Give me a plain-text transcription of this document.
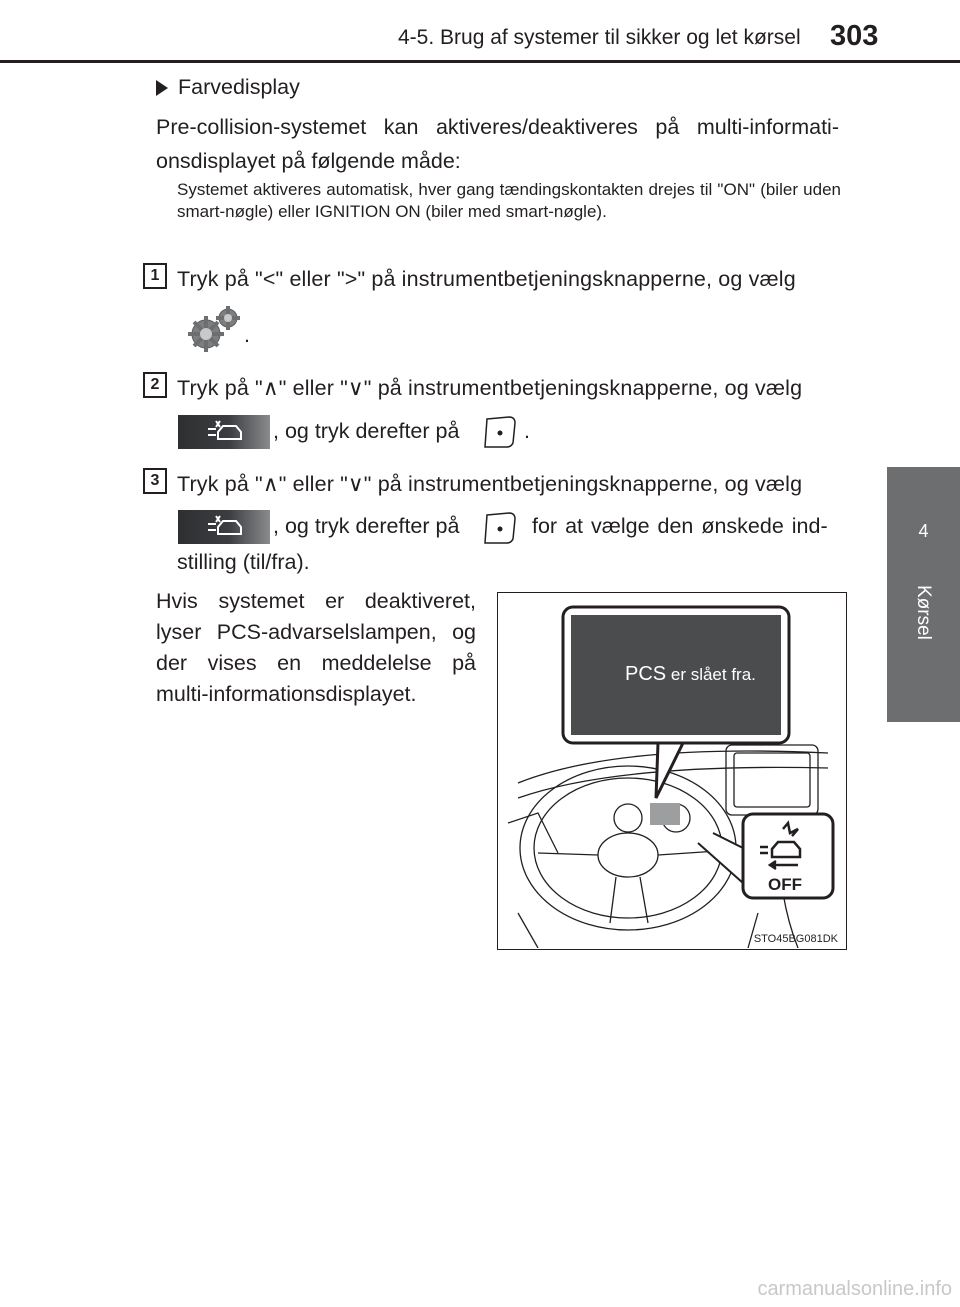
4-5. Brug af systemer til sikker og let kørsel 303
4
Kørsel
Farvedisplay
Pre-collision-systemet kan aktiveres/deaktiveres på multi-informati-onsdisplayet på følgende måde:
Systemet aktiveres automatisk, hver gang tændingskontakten drejes til "ON" (biler uden smart-nøgle) eller IGNITION ON (biler med smart-nøgle).
1 Tryk på "<" eller ">" på instrumentbetjeningsknapperne, og vælg
.
2 Tryk på "∧" eller "∨" på instrumentbetjeningsknapperne, og vælg
, og tryk derefter på	.
3 Tryk på "∧" eller "∨" på instrumentbetjeningsknapperne, og vælg
, og tryk derefter på	for at vælge den ønskede ind-
stilling (til/fra).
Hvis systemet er deaktiveret, lyser PCS-advarselslampen, og der vises en meddelelse på multi-informationsdisplayet.
PCS er slået fra.
OFF
STO45BG081DK
carmanualsonline.info
